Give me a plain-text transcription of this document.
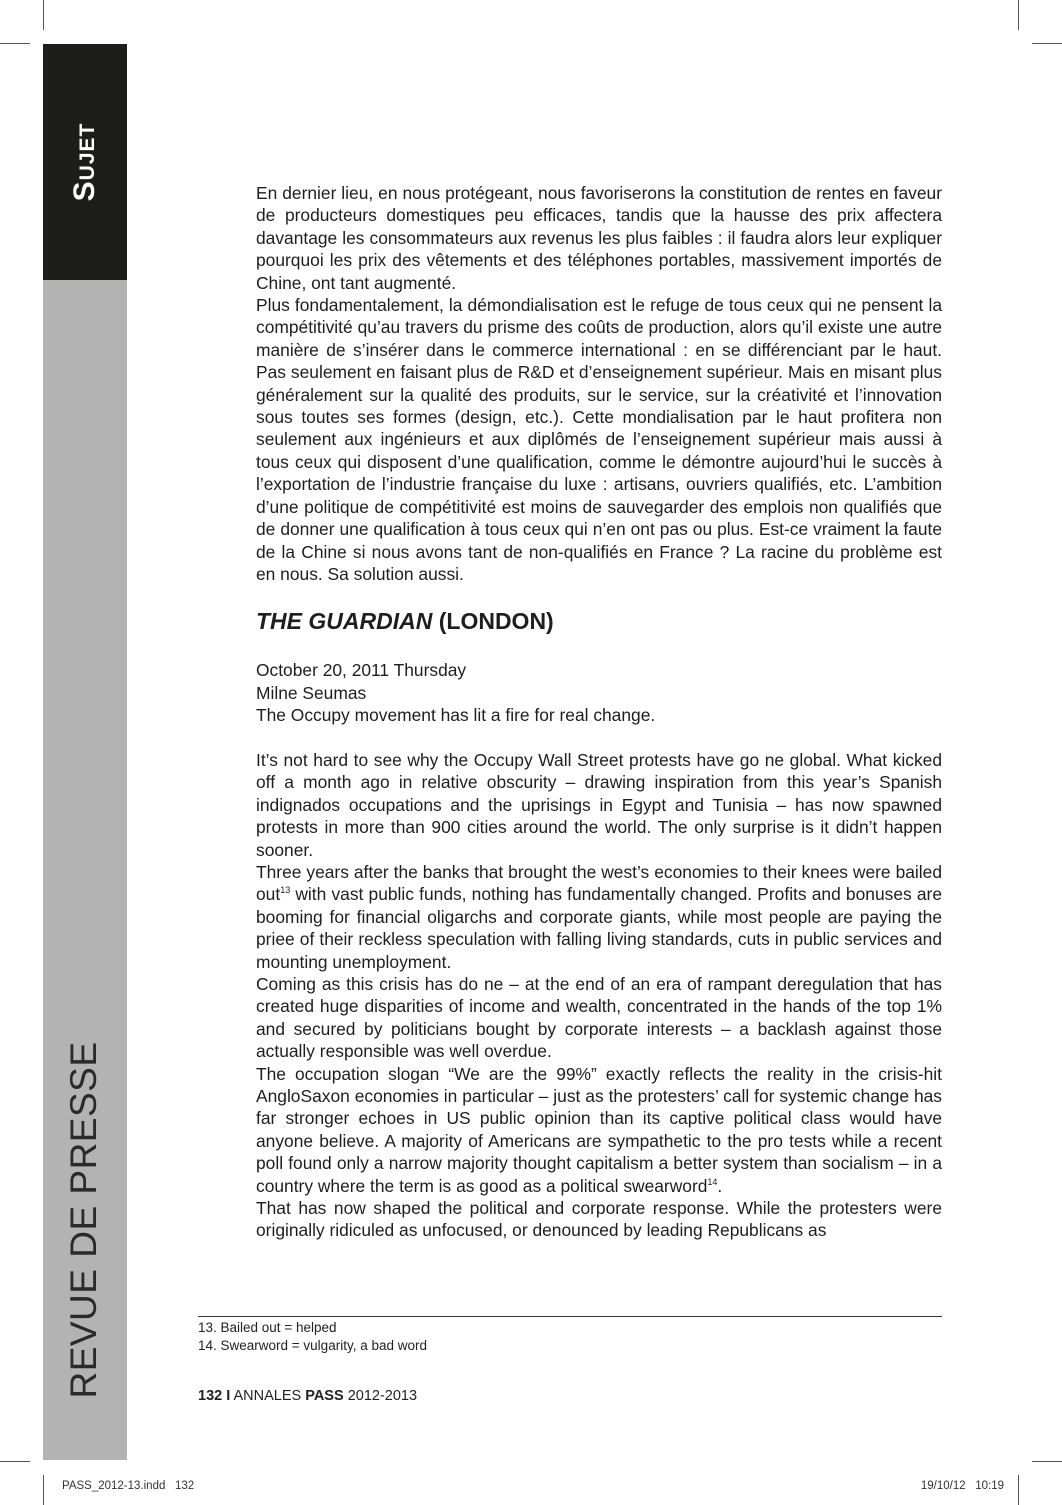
Sujet
REVUE DE PRESSE

En dernier lieu, en nous protégeant, nous favoriserons la constitution de rentes en faveur de producteurs domestiques peu efficaces, tandis que la hausse des prix affectera davantage les consommateurs aux revenus les plus faibles : il faudra alors leur expliquer pourquoi les prix des vêtements et des téléphones portables, massivement importés de Chine, ont tant augmenté.

Plus fondamentalement, la démondialisation est le refuge de tous ceux qui ne pensent la compétitivité qu’au travers du prisme des coûts de production, alors qu’il existe une autre manière de s’insérer dans le commerce international : en se différenciant par le haut. Pas seulement en faisant plus de R&D et d’enseignement supérieur. Mais en misant plus généralement sur la qualité des produits, sur le service, sur la créativité et l’innovation sous toutes ses formes (design, etc.). Cette mondialisation par le haut profitera non seulement aux ingénieurs et aux diplômés de l’enseignement supérieur mais aussi à tous ceux qui disposent d’une qualification, comme le démontre aujourd’hui le succès à l’exportation de l’industrie française du luxe : artisans, ouvriers qualifiés, etc. L’ambition d’une politique de compétitivité est moins de sauvegarder des emplois non qualifiés que de donner une qualification à tous ceux qui n’en ont pas ou plus. Est-ce vraiment la faute de la Chine si nous avons tant de non-qualifiés en France ? La racine du problème est en nous. Sa solution aussi.

THE GUARDIAN (LONDON)

October 20, 2011 Thursday

Milne Seumas

The Occupy movement has lit a fire for real change.

It’s not hard to see why the Occupy Wall Street protests have go ne global. What kicked off a month ago in relative obscurity – drawing inspiration from this year’s Spanish indignados occupations and the uprisings in Egypt and Tunisia – has now spawned protests in more than 900 cities around the world. The only surprise is it didn’t happen sooner.

Three years after the banks that brought the west’s economies to their knees were bailed out$^{13}$ with vast public funds, nothing has fundamentally changed. Profits and bonuses are booming for financial oligarchs and corporate giants, while most people are paying the priee of their reckless speculation with falling living standards, cuts in public services and mounting unemployment.

Coming as this crisis has do ne – at the end of an era of rampant deregulation that has created huge disparities of income and wealth, concentrated in the hands of the top 1% and secured by politicians bought by corporate interests – a backlash against those actually responsible was well overdue.

The occupation slogan “We are the 99%” exactly reflects the reality in the crisis-hit AngloSaxon economies in particular – just as the protesters’ call for systemic change has far stronger echoes in US public opinion than its captive political class would have anyone believe. A majority of Americans are sympathetic to the pro tests while a recent poll found only a narrow majority thought capitalism a better system than socialism – in a country where the term is as good as a political swearword$^{14}$.

That has now shaped the political and corporate response. While the protesters were originally ridiculed as unfocused, or denounced by leading Republicans as

13. Bailed out = helped

14. Swearword = vulgarity, a bad word

132 I ANNALES PASS 2012-2013
PASS_2012-13.indd   132	19/10/12   10:19
